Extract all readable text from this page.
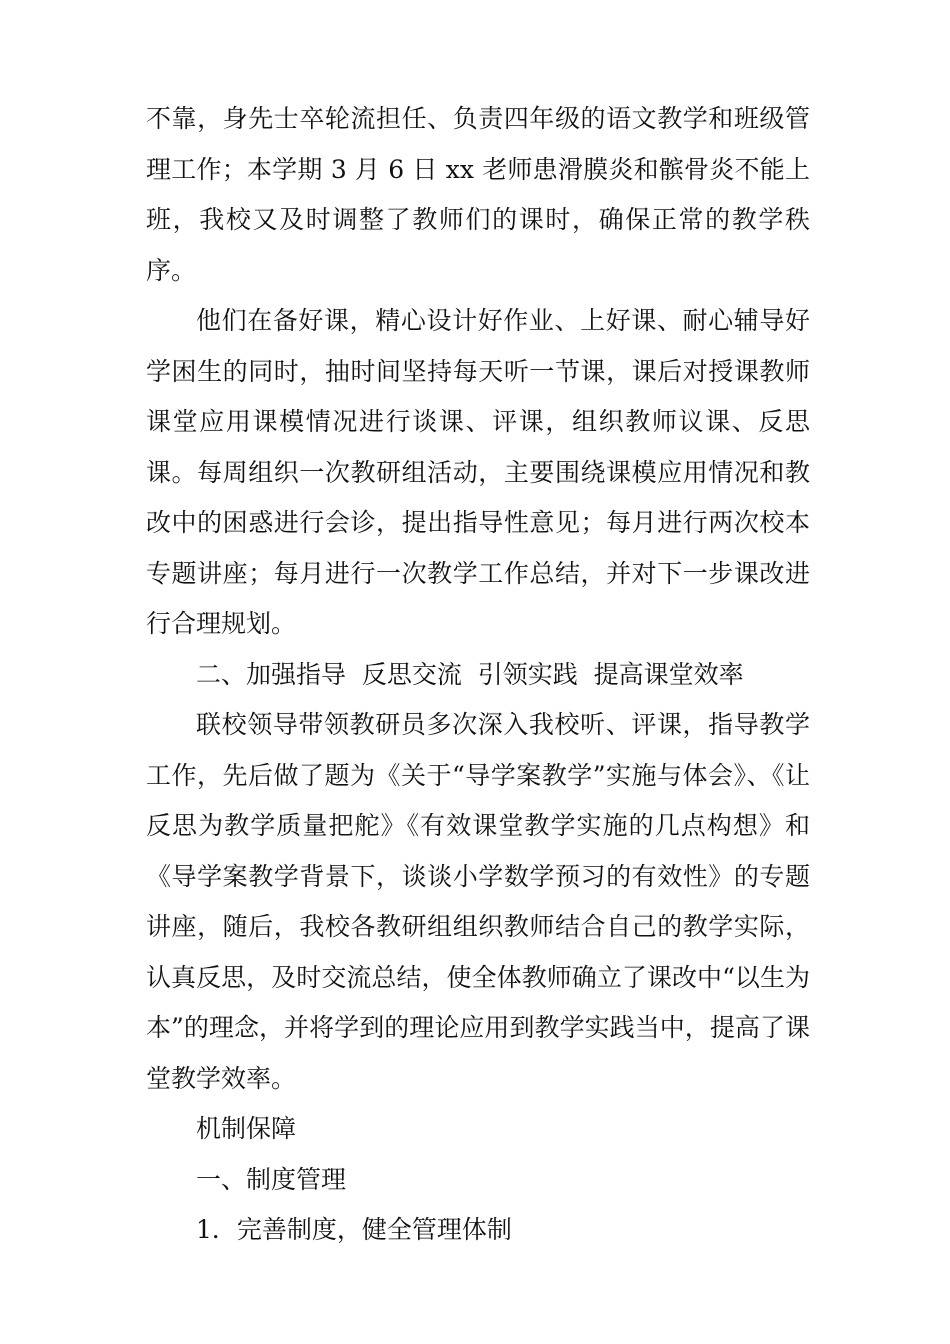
不靠，身先士卒轮流担任、负责四年级的语文教学和班级管理工作；本学期 3 月 6 日 xx 老师患滑膜炎和髌骨炎不能上班，我校又及时调整了教师们的课时，确保正常的教学秩序。

他们在备好课，精心设计好作业、上好课、耐心辅导好学困生的同时，抽时间坚持每天听一节课，课后对授课教师课堂应用课模情况进行谈课、评课，组织教师议课、反思课。每周组织一次教研组活动，主要围绕课模应用情况和教改中的困惑进行会诊，提出指导性意见；每月进行两次校本专题讲座；每月进行一次教学工作总结，并对下一步课改进行合理规划。

二、加强指导  反思交流  引领实践  提高课堂效率

联校领导带领教研员多次深入我校听、评课，指导教学工作，先后做了题为《关于“导学案教学”实施与体会》、《让反思为教学质量把舵》《有效课堂教学实施的几点构想》和《导学案教学背景下，谈谈小学数学预习的有效性》的专题讲座，随后，我校各教研组组织教师结合自己的教学实际，认真反思，及时交流总结，使全体教师确立了课改中“以生为本”的理念，并将学到的理论应用到教学实践当中，提高了课堂教学效率。

机制保障

一、制度管理

1．完善制度，健全管理体制
